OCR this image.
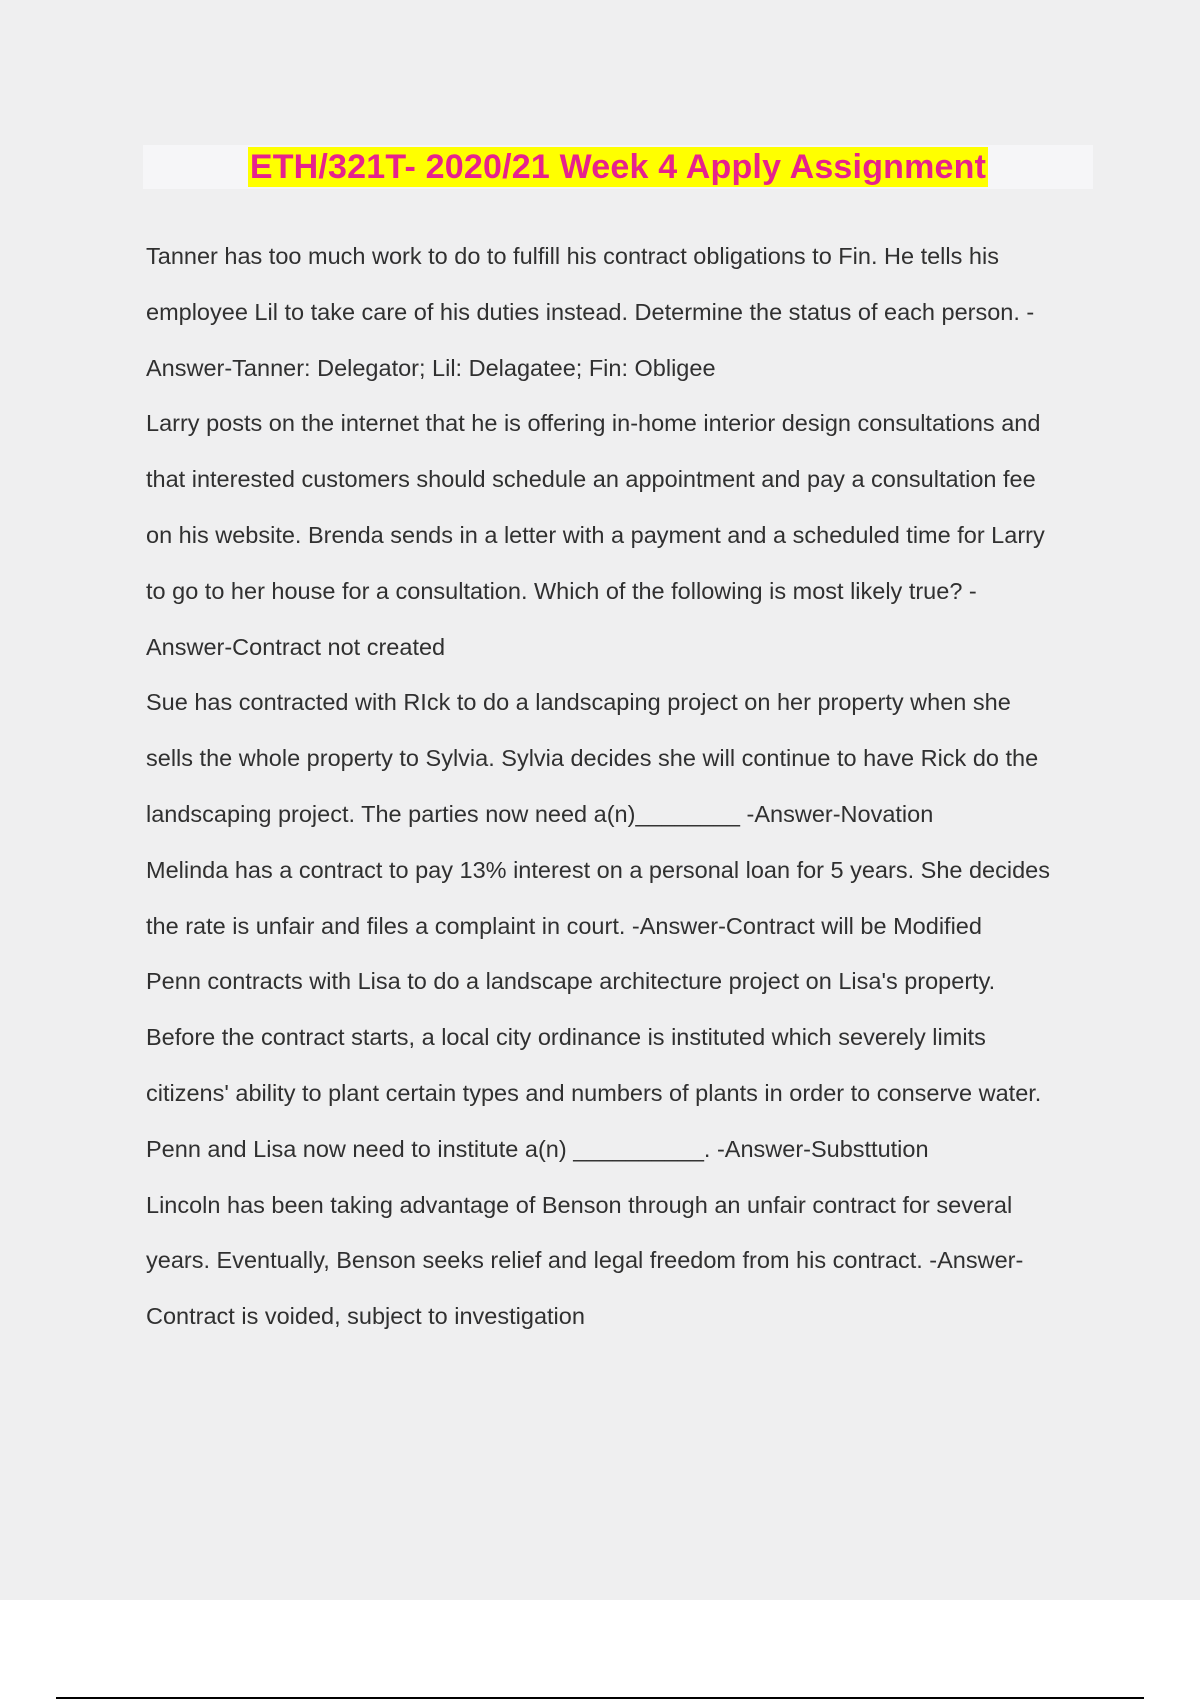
ETH/321T- 2020/21 Week 4 Apply Assignment
Tanner has too much work to do to fulfill his contract obligations to Fin. He tells his
employee Lil to take care of his duties instead. Determine the status of each person. -
Answer-Tanner: Delegator; Lil: Delagatee; Fin: Obligee
Larry posts on the internet that he is offering in-home interior design consultations and
that interested customers should schedule an appointment and pay a consultation fee
on his website. Brenda sends in a letter with a payment and a scheduled time for Larry
to go to her house for a consultation. Which of the following is most likely true? -
Answer-Contract not created
Sue has contracted with RIck to do a landscaping project on her property when she
sells the whole property to Sylvia. Sylvia decides she will continue to have Rick do the
landscaping project. The parties now need a(n)________ -Answer-Novation
Melinda has a contract to pay 13% interest on a personal loan for 5 years. She decides
the rate is unfair and files a complaint in court. -Answer-Contract will be Modified
Penn contracts with Lisa to do a landscape architecture project on Lisa's property.
Before the contract starts, a local city ordinance is instituted which severely limits
citizens' ability to plant certain types and numbers of plants in order to conserve water.
Penn and Lisa now need to institute a(n) __________. -Answer-Substtution
Lincoln has been taking advantage of Benson through an unfair contract for several
years. Eventually, Benson seeks relief and legal freedom from his contract. -Answer-
Contract is voided, subject to investigation
